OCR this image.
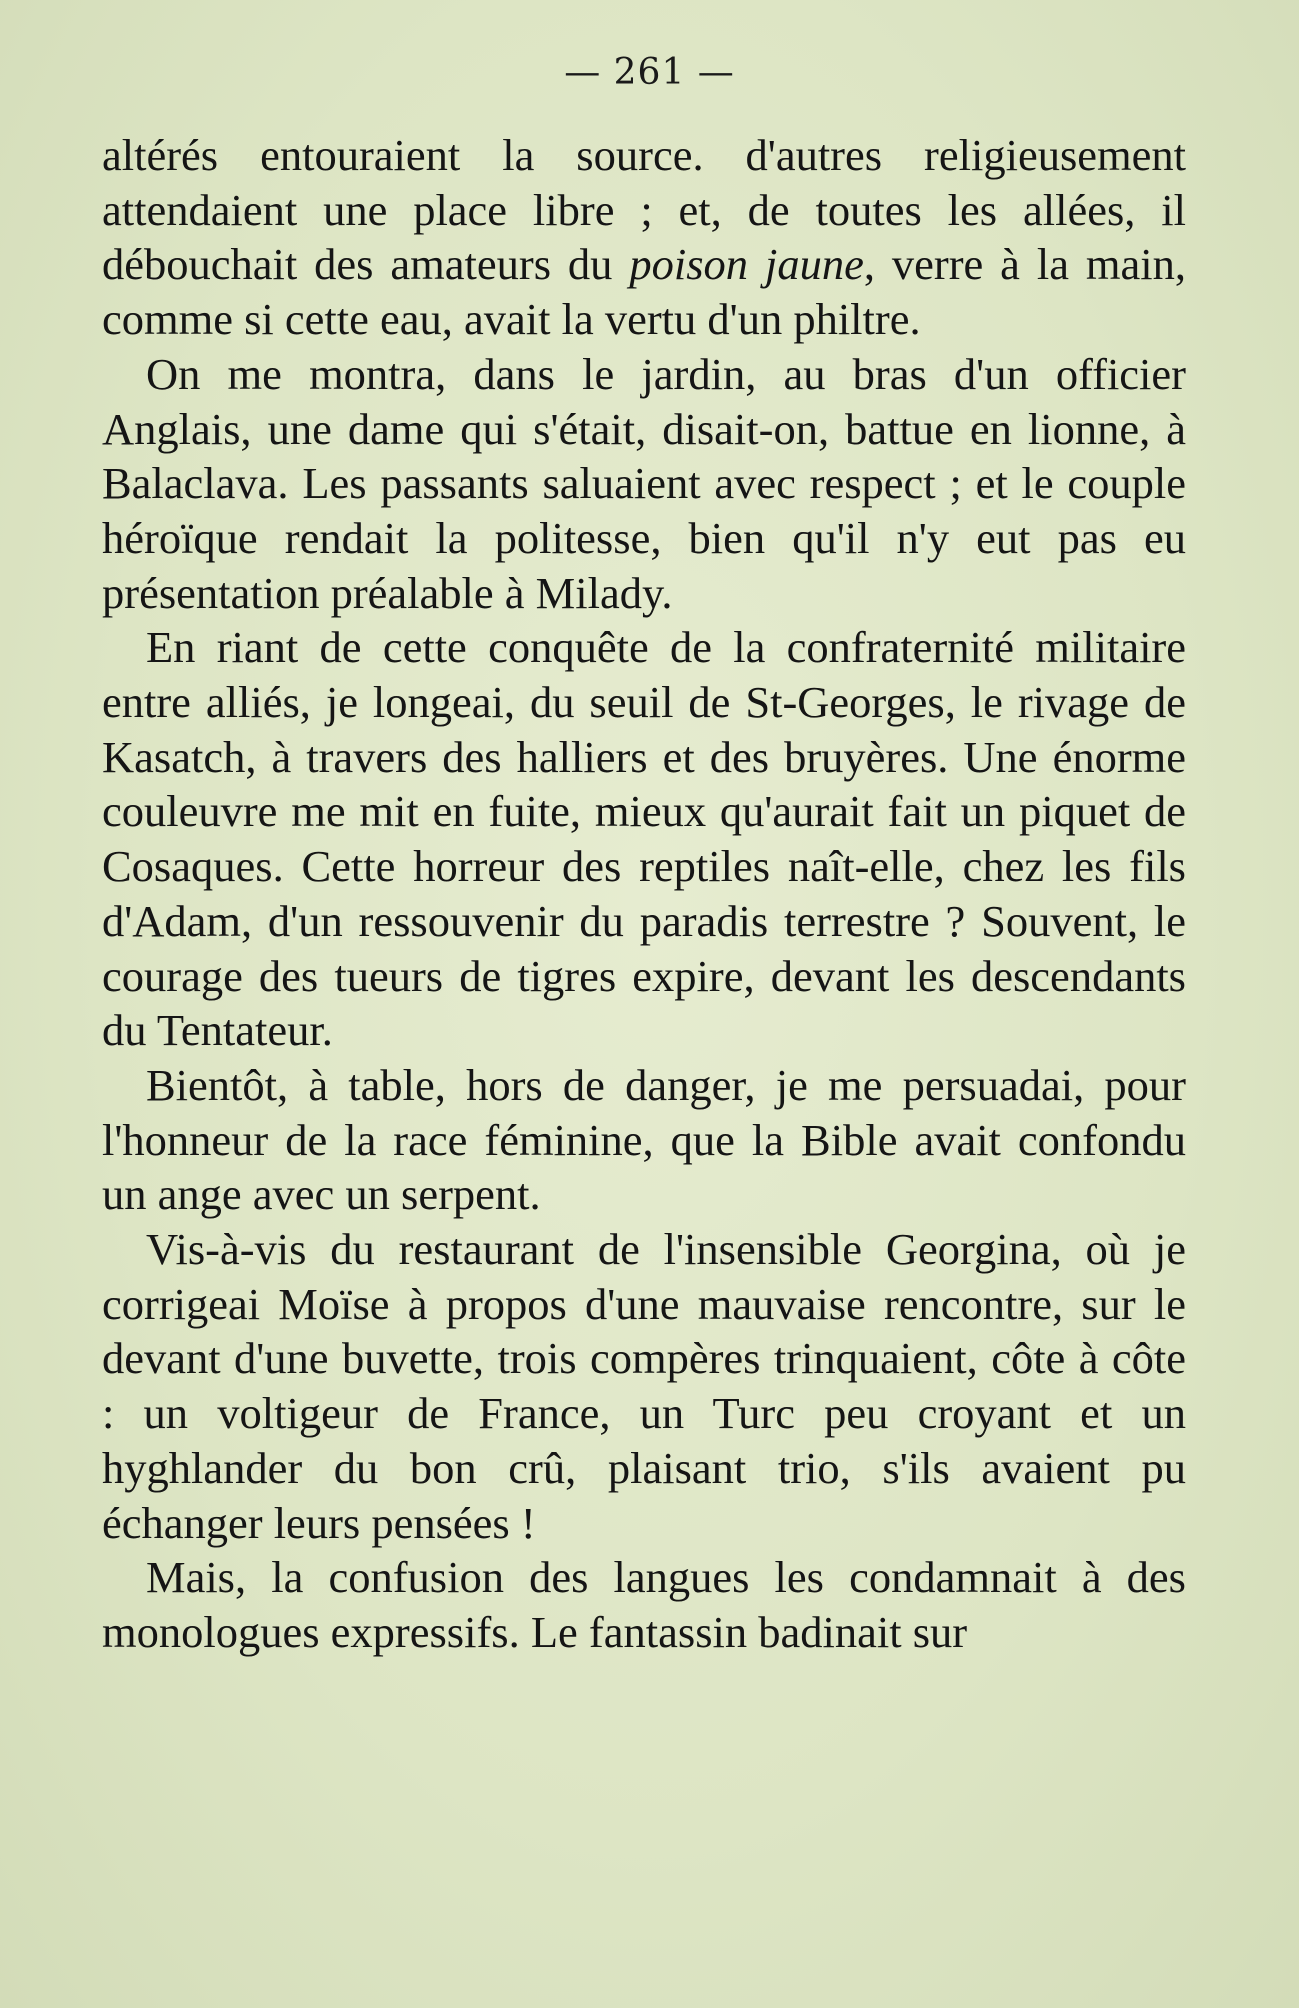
— 261 —

altérés entouraient la source. d'autres religieusement attendaient une place libre ; et, de toutes les allées, il débouchait des amateurs du poison jaune, verre à la main, comme si cette eau, avait la vertu d'un philtre.

On me montra, dans le jardin, au bras d'un officier Anglais, une dame qui s'était, disait-on, battue en lionne, à Balaclava. Les passants saluaient avec respect ; et le couple héroïque rendait la politesse, bien qu'il n'y eut pas eu présentation préalable à Milady.

En riant de cette conquête de la confraternité militaire entre alliés, je longeai, du seuil de St-Georges, le rivage de Kasatch, à travers des halliers et des bruyères. Une énorme couleuvre me mit en fuite, mieux qu'aurait fait un piquet de Cosaques. Cette horreur des reptiles naît-elle, chez les fils d'Adam, d'un ressouvenir du paradis terrestre ? Souvent, le courage des tueurs de tigres expire, devant les descendants du Tentateur.

Bientôt, à table, hors de danger, je me persuadai, pour l'honneur de la race féminine, que la Bible avait confondu un ange avec un serpent.

Vis-à-vis du restaurant de l'insensible Georgina, où je corrigeai Moïse à propos d'une mauvaise rencontre, sur le devant d'une buvette, trois compères trinquaient, côte à côte : un voltigeur de France, un Turc peu croyant et un hyghlander du bon crû, plaisant trio, s'ils avaient pu échanger leurs pensées !

Mais, la confusion des langues les condamnait à des monologues expressifs. Le fantassin badinait sur
